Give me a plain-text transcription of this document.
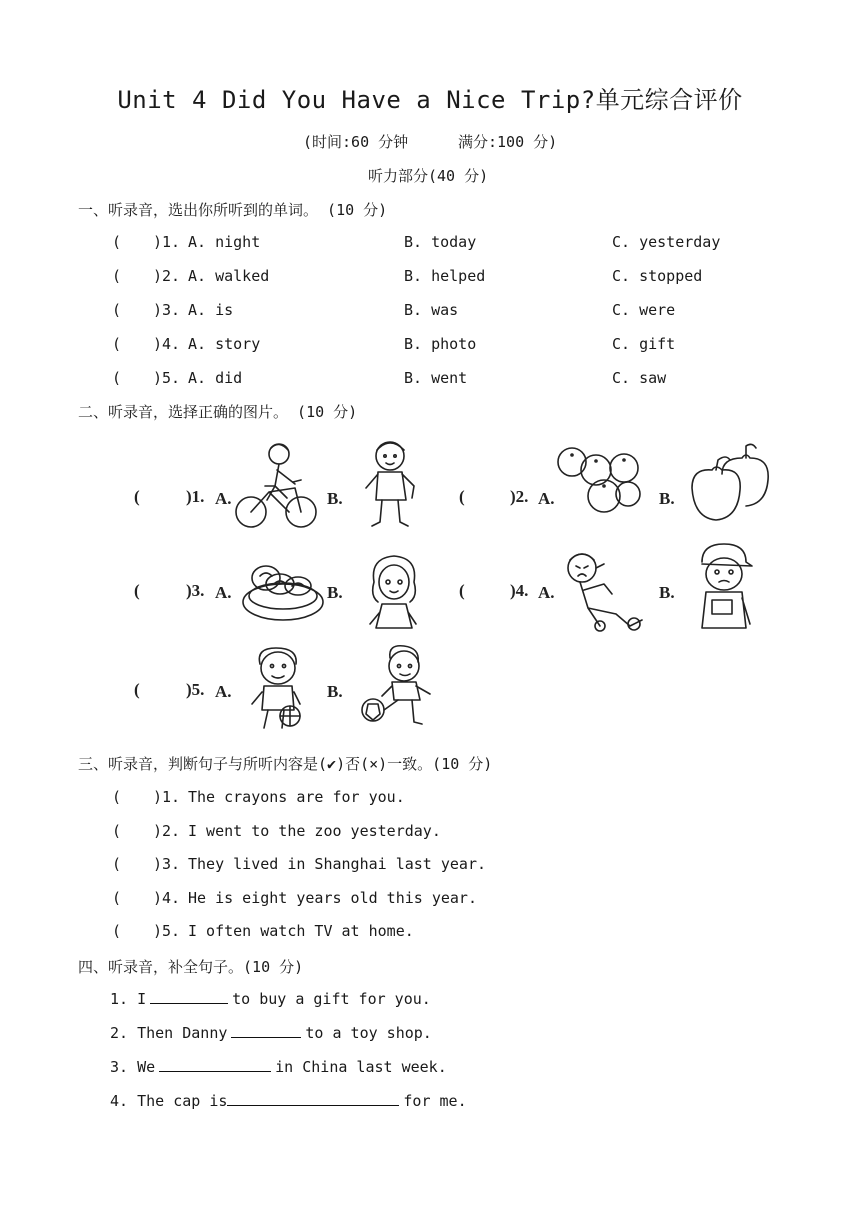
Unit 4 Did You Have a Nice Trip?单元综合评价
(时间:60 分钟	满分:100 分)
听力部分(40 分)
一、听录音，选出你所听到的单词。 (10 分)
( )1. A. night	B. today	C. yesterday
( )2. A. walked	B. helped	C. stopped
( )3. A. is	B. was	C. were
( )4. A. story	B. photo	C. gift
( )5. A. did	B. went	C. saw
二、听录音，选择正确的图片。 (10 分)
(	)1. A.	B.	(	)2. A.	B.
(	)3. A.	B.	(	)4. A.	B.
(	)5. A.	B.
三、听录音，判断句子与所听内容是(✔)否(×)一致。(10 分)
( )1. The crayons are for you.
( )2. I went to the zoo yesterday.
( )3. They lived in Shanghai last year.
( )4. He is eight years old this year.
( )5. I often watch TV at home.
四、听录音，补全句子。(10 分)
1. I	to buy a gift for you.
2. Then Danny	to a toy shop.
3. We	in China last week.
4. The cap is	for me.
